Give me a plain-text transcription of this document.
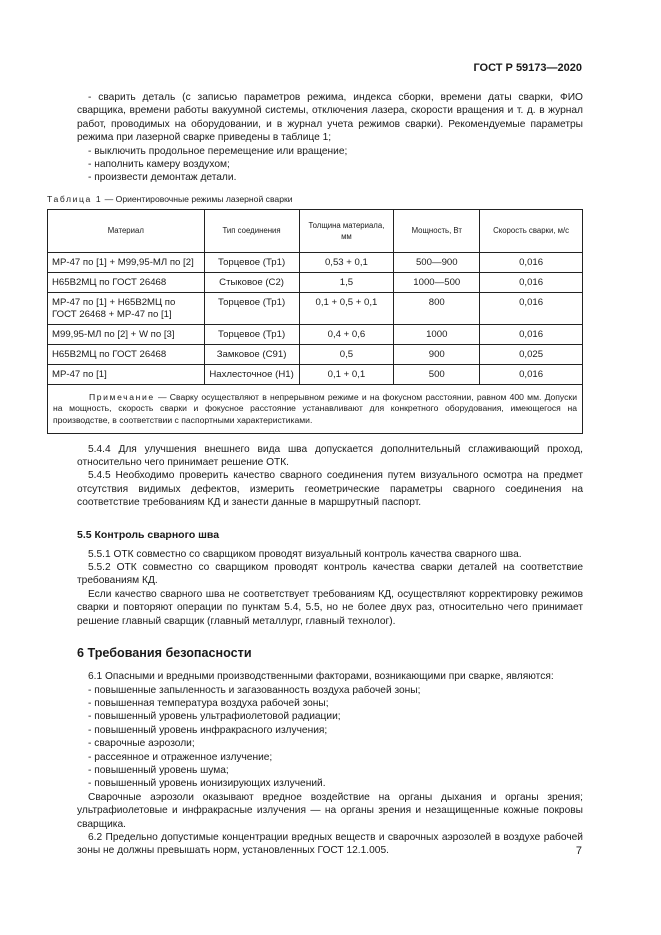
ГОСТ Р 59173—2020

- сварить деталь (с записью параметров режима, индекса сборки, времени даты сварки, ФИО сварщика, времени работы вакуумной системы, отключения лазера, скорости вращения и т. д. в журнал работ, проводимых на оборудовании, и в журнал учета режимов сварки). Рекомендуемые параметры режима при лазерной сварке приведены в таблице 1;

- выключить продольное перемещение или вращение;

- наполнить камеру воздухом;

- произвести демонтаж детали.

Таблица 1 — Ориентировочные режимы лазерной сварки
Материал	Тип соединения	Толщина материала, мм	Мощность, Вт	Скорость сварки, м/с
МР-47 по [1] + М99,95-МЛ по [2]	Торцевое (Тр1)	0,53 + 0,1	500—900	0,016
Н65В2МЦ по ГОСТ 26468	Стыковое (С2)	1,5	1000—500	0,016
МР-47 по [1] + Н65В2МЦ по ГОСТ 26468 + МР-47 по [1]	Торцевое (Тр1)	0,1 + 0,5 + 0,1	800	0,016
М99,95-МЛ по [2] + W по [3]	Торцевое (Тр1)	0,4 + 0,6	1000	0,016
Н65В2МЦ по ГОСТ 26468	Замковое (С91)	0,5	900	0,025
МР-47 по [1]	Нахлесточное (Н1)	0,1 + 0,1	500	0,016
Примечание — Сварку осуществляют в непрерывном режиме и на фокусном расстоянии, равном 400 мм. Допуски на мощность, скорость сварки и фокусное расстояние устанавливают для конкретного оборудования, имеющегося на производстве, в соответствии с паспортными характеристиками.				

5.4.4 Для улучшения внешнего вида шва допускается дополнительный сглаживающий проход, относительно чего принимает решение ОТК.

5.4.5 Необходимо проверить качество сварного соединения путем визуального осмотра на предмет отсутствия видимых дефектов, измерить геометрические параметры сварного соединения на соответствие требованиям КД и занести данные в маршрутный паспорт.

5.5 Контроль сварного шва

5.5.1 ОТК совместно со сварщиком проводят визуальный контроль качества сварного шва.

5.5.2 ОТК совместно со сварщиком проводят контроль качества сварки деталей на соответствие требованиям КД.

Если качество сварного шва не соответствует требованиям КД, осуществляют корректировку режимов сварки и повторяют операции по пунктам 5.4, 5.5, но не более двух раз, относительно чего принимает решение главный сварщик (главный металлург, главный технолог).

6 Требования безопасности

6.1 Опасными и вредными производственными факторами, возникающими при сварке, являются:

- повышенные запыленность и загазованность воздуха рабочей зоны;

- повышенная температура воздуха рабочей зоны;

- повышенный уровень ультрафиолетовой радиации;

- повышенный уровень инфракрасного излучения;

- сварочные аэрозоли;

- рассеянное и отраженное излучение;

- повышенный уровень шума;

- повышенный уровень ионизирующих излучений.

Сварочные аэрозоли оказывают вредное воздействие на органы дыхания и органы зрения; ультрафиолетовые и инфракрасные излучения — на органы зрения и незащищенные кожные покровы сварщика.

6.2 Предельно допустимые концентрации вредных веществ и сварочных аэрозолей в воздухе рабочей зоны не должны превышать норм, установленных ГОСТ 12.1.005.	7
